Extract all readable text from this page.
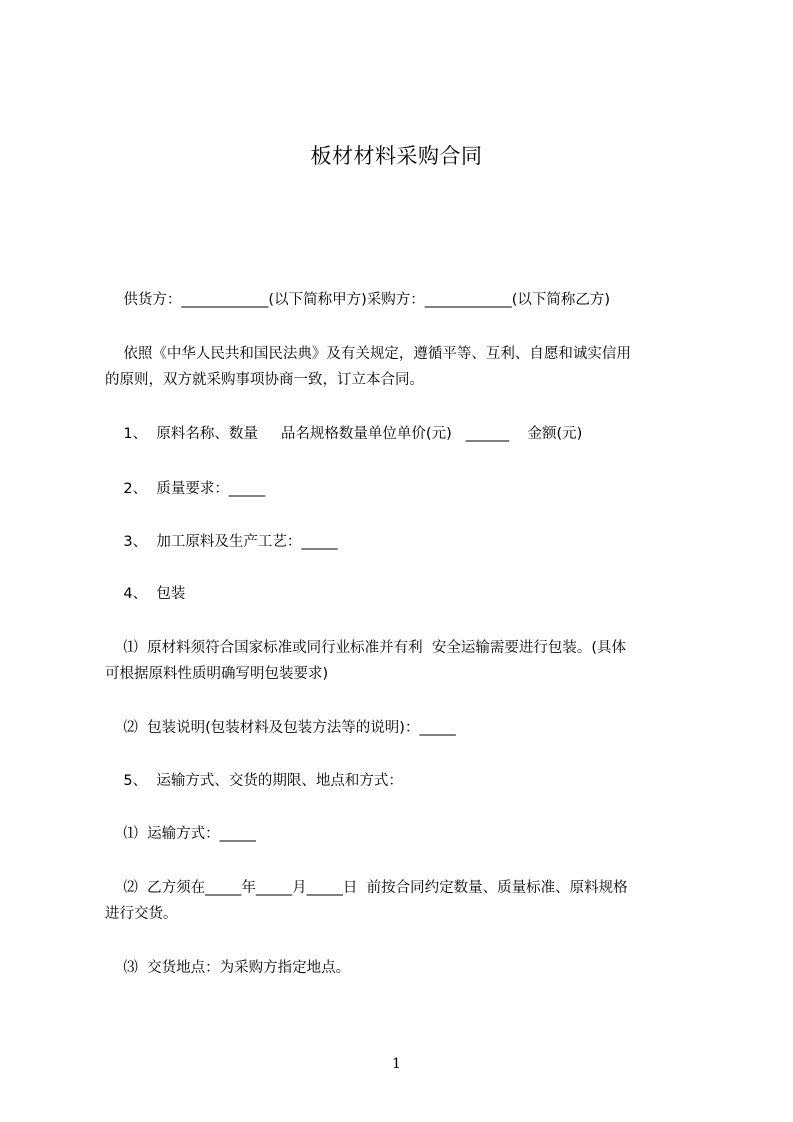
板材材料采购合同
供货方：____________(以下简称甲方)采购方：____________(以下简称乙方)
依照《中华人民共和国民法典》及有关规定，遵循平等、互利、自愿和诚实信用
的原则，双方就采购事项协商一致，订立本合同。
1、  原料名称、数量     品名规格数量单位单价(元)   ______    金额(元)
2、  质量要求：_____
3、  加工原料及生产工艺：_____
4、  包装
⑴  原材料须符合国家标准或同行业标准并有利  安全运输需要进行包装。(具体
可根据原料性质明确写明包装要求)
⑵  包装说明(包装材料及包装方法等的说明)：_____
5、  运输方式、交货的期限、地点和方式：
⑴  运输方式：_____
⑵  乙方须在_____年_____月_____日  前按合同约定数量、质量标准、原料规格
进行交货。
⑶  交货地点：为采购方指定地点。
1
